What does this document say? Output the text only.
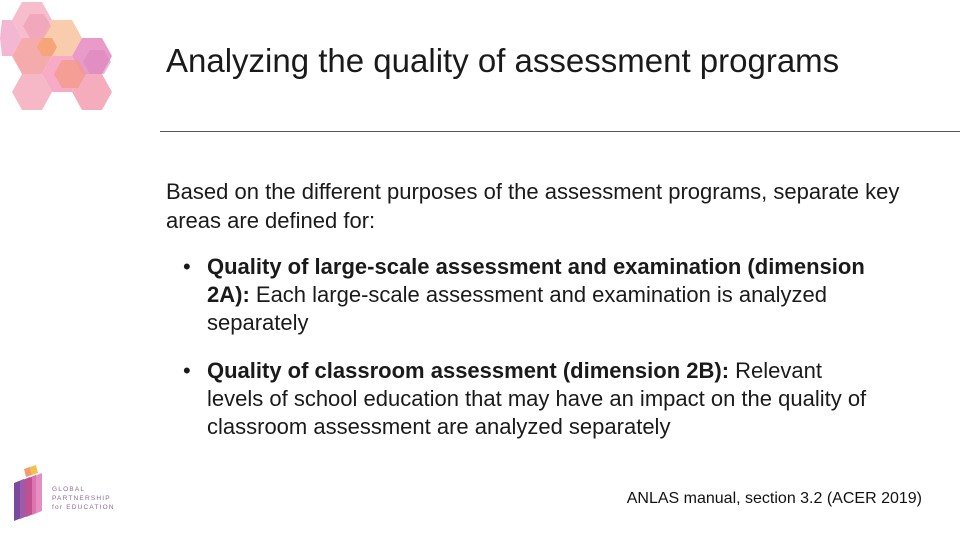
Analyzing the quality of assessment programs

Based on the different purposes of the assessment programs, separate key areas are defined for:

• Quality of large-scale assessment and examination (dimension 2A): Each large-scale assessment and examination is analyzed separately
• Quality of classroom assessment (dimension 2B): Relevant levels of school education that may have an impact on the quality of classroom assessment are analyzed separately
GLOBAL
PARTNERSHIP
for EDUCATION
ANLAS manual, section 3.2 (ACER 2019)
